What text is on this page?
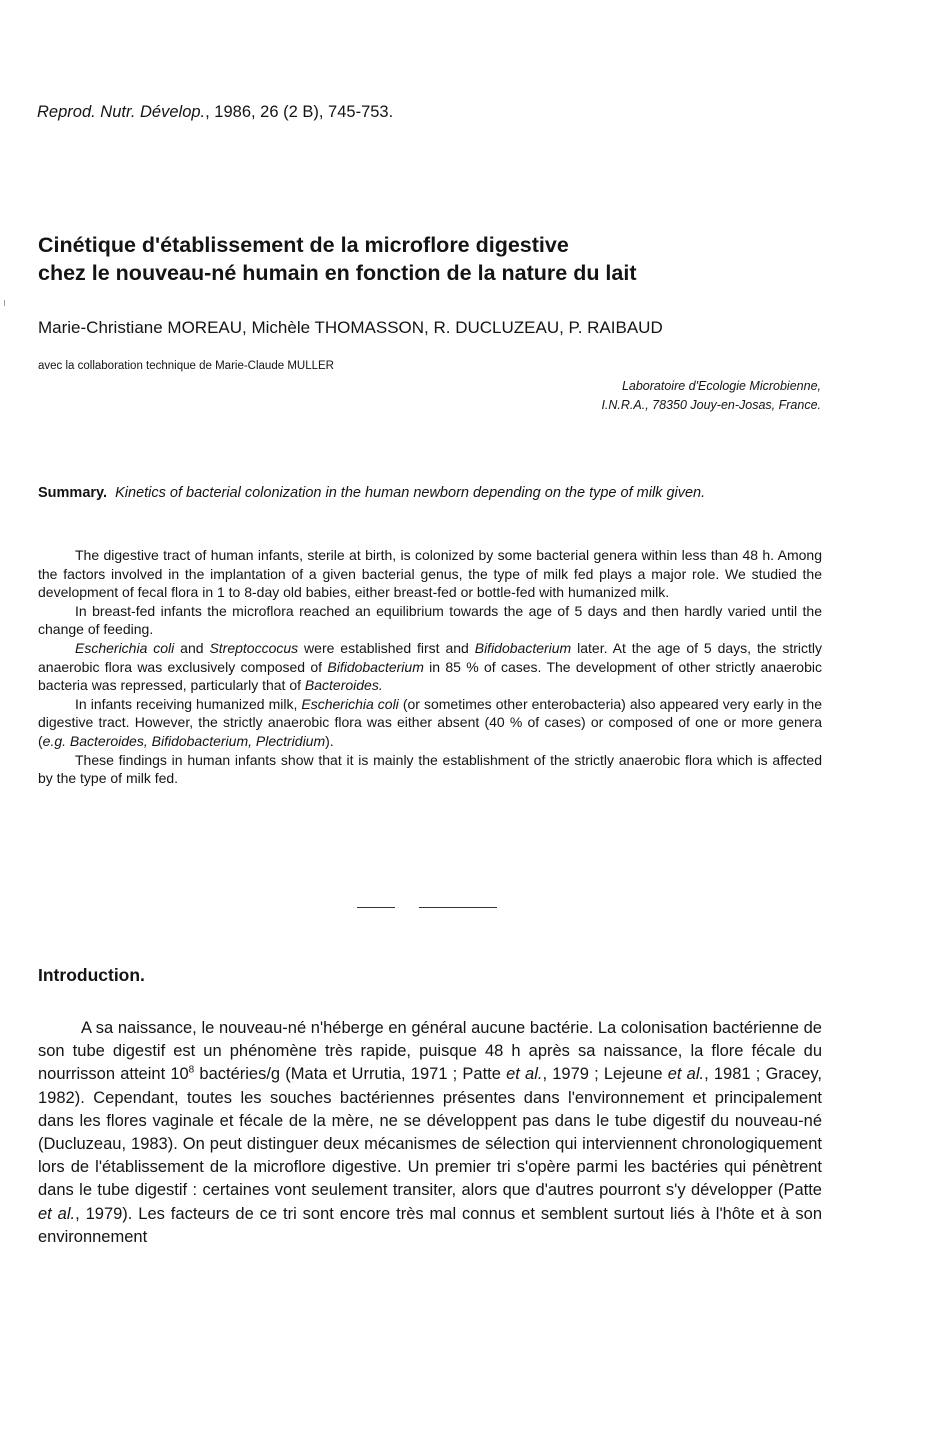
Reprod. Nutr. Dévelop., 1986, 26 (2 B), 745-753.
Cinétique d'établissement de la microflore digestive
chez le nouveau-né humain en fonction de la nature du lait
Marie-Christiane MOREAU, Michèle THOMASSON, R. DUCLUZEAU, P. RAIBAUD
avec la collaboration technique de Marie-Claude MULLER
Laboratoire d'Ecologie Microbienne,
I.N.R.A., 78350 Jouy-en-Josas, France.
Summary. Kinetics of bacterial colonization in the human newborn depending on the type of milk given.

The digestive tract of human infants, sterile at birth, is colonized by some bacterial genera within less than 48 h. Among the factors involved in the implantation of a given bacterial genus, the type of milk fed plays a major role. We studied the development of fecal flora in 1 to 8-day old babies, either breast-fed or bottle-fed with humanized milk.

In breast-fed infants the microflora reached an equilibrium towards the age of 5 days and then hardly varied until the change of feeding.

Escherichia coli and Streptoccocus were established first and Bifidobacterium later. At the age of 5 days, the strictly anaerobic flora was exclusively composed of Bifidobacterium in 85 % of cases. The development of other strictly anaerobic bacteria was repressed, particularly that of Bacteroides.

In infants receiving humanized milk, Escherichia coli (or sometimes other enterobacteria) also appeared very early in the digestive tract. However, the strictly anaerobic flora was either absent (40 % of cases) or composed of one or more genera (e.g. Bacteroides, Bifidobacterium, Plectridium).

These findings in human infants show that it is mainly the establishment of the strictly anaerobic flora which is affected by the type of milk fed.

Introduction.
A sa naissance, le nouveau-né n'héberge en général aucune bactérie. La colonisation bactérienne de son tube digestif est un phénomène très rapide, puisque 48 h après sa naissance, la flore fécale du nourrisson atteint $10^8$ bactéries/g (Mata et Urrutia, 1971 ; Patte et al., 1979 ; Lejeune et al., 1981 ; Gracey, 1982). Cependant, toutes les souches bactériennes présentes dans l'environnement et principalement dans les flores vaginale et fécale de la mère, ne se développent pas dans le tube digestif du nouveau-né (Ducluzeau, 1983). On peut distinguer deux mécanismes de sélection qui interviennent chronologiquement lors de l'établissement de la microflore digestive. Un premier tri s'opère parmi les bactéries qui pénètrent dans le tube digestif : certaines vont seulement transiter, alors que d'autres pourront s'y développer (Patte et al., 1979). Les facteurs de ce tri sont encore très mal connus et semblent surtout liés à l'hôte et à son environnement
